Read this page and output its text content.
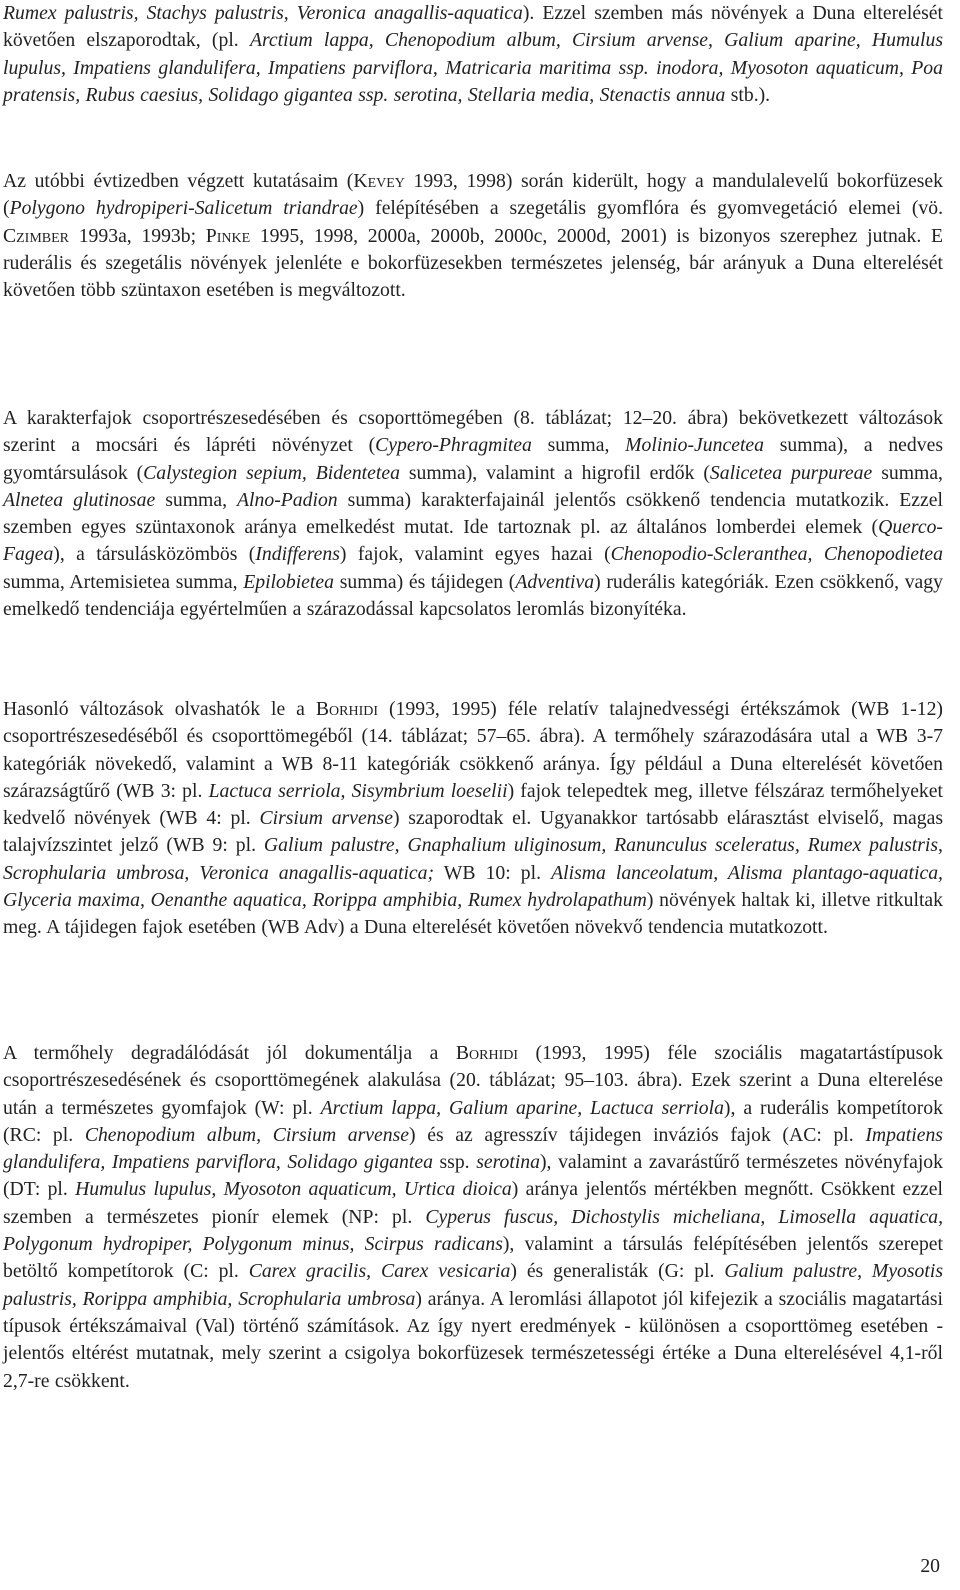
Rumex palustris, Stachys palustris, Veronica anagallis-aquatica). Ezzel szemben más növények a Duna elterelését követően elszaporodtak, (pl. Arctium lappa, Chenopodium album, Cirsium arvense, Galium aparine, Humulus lupulus, Impatiens glandulifera, Impatiens parviflora, Matricaria maritima ssp. inodora, Myosoton aquaticum, Poa pratensis, Rubus caesius, Solidago gigantea ssp. serotina, Stellaria media, Stenactis annua stb.).

Az utóbbi évtizedben végzett kutatásaim (Kevey 1993, 1998) során kiderült, hogy a mandulalevelű bokorfüzesek (Polygono hydropiperi-Salicetum triandrae) felépítésében a szegetális gyomflóra és gyomvegetáció elemei (vö. Czimber 1993a, 1993b; Pinke 1995, 1998, 2000a, 2000b, 2000c, 2000d, 2001) is bizonyos szerephez jutnak. E ruderális és szegetális növények jelenléte e bokorfüzesekben természetes jelenség, bár arányuk a Duna elterelését követően több szüntaxon esetében is megváltozott.

A karakterfajok csoportrészesedésében és csoporttömegében (8. táblázat; 12–20. ábra) bekövetkezett változások szerint a mocsári és lápréti növényzet (Cypero-Phragmitea summa, Molinio-Juncetea summa), a nedves gyomtársulások (Calystegion sepium, Bidentetea summa), valamint a higrofil erdők (Salicetea purpureae summa, Alnetea glutinosae summa, Alno-Padion summa) karakterfajainál jelentős csökkenő tendencia mutatkozik. Ezzel szemben egyes szüntaxonok aránya emelkedést mutat. Ide tartoznak pl. az általános lomberdei elemek (Querco-Fagea), a társulásközömbös (Indifferens) fajok, valamint egyes hazai (Chenopodio-Scleranthea, Chenopodietea summa, Artemisietea summa, Epilobietea summa) és tájidegen (Adventiva) ruderális kategóriák. Ezen csökkenő, vagy emelkedő tendenciája egyértelműen a szárazodással kapcsolatos leromlás bizonyítéka.

Hasonló változások olvashatók le a Borhidi (1993, 1995) féle relatív talajnedvességi értékszámok (WB 1-12) csoportrészesedéséből és csoporttömegéből (14. táblázat; 57–65. ábra). A termőhely szárazodására utal a WB 3-7 kategóriák növekedő, valamint a WB 8-11 kategóriák csökkenő aránya. Így például a Duna elterelését követően szárazságtűrő (WB 3: pl. Lactuca serriola, Sisymbrium loeselii) fajok telepedtek meg, illetve félszáraz termőhelyeket kedvelő növények (WB 4: pl. Cirsium arvense) szaporodtak el. Ugyanakkor tartósabb elárasztást elviselő, magas talajvízszintet jelző (WB 9: pl. Galium palustre, Gnaphalium uliginosum, Ranunculus sceleratus, Rumex palustris, Scrophularia umbrosa, Veronica anagallis-aquatica; WB 10: pl. Alisma lanceolatum, Alisma plantago-aquatica, Glyceria maxima, Oenanthe aquatica, Rorippa amphibia, Rumex hydrolapathum) növények haltak ki, illetve ritkultak meg. A tájidegen fajok esetében (WB Adv) a Duna elterelését követően növekvő tendencia mutatkozott.

A termőhely degradálódását jól dokumentálja a Borhidi (1993, 1995) féle szociális magatartástípusok csoportrészesedésének és csoporttömegének alakulása (20. táblázat; 95–103. ábra). Ezek szerint a Duna elterelése után a természetes gyomfajok (W: pl. Arctium lappa, Galium aparine, Lactuca serriola), a ruderális kompetítorok (RC: pl. Chenopodium album, Cirsium arvense) és az agresszív tájidegen inváziós fajok (AC: pl. Impatiens glandulifera, Impatiens parviflora, Solidago gigantea ssp. serotina), valamint a zavarástűrő természetes növényfajok (DT: pl. Humulus lupulus, Myosoton aquaticum, Urtica dioica) aránya jelentős mértékben megnőtt. Csökkent ezzel szemben a természetes pionír elemek (NP: pl. Cyperus fuscus, Dichostylis micheliana, Limosella aquatica, Polygonum hydropiper, Polygonum minus, Scirpus radicans), valamint a társulás felépítésében jelentős szerepet betöltő kompetítorok (C: pl. Carex gracilis, Carex vesicaria) és generalisták (G: pl. Galium palustre, Myosotis palustris, Rorippa amphibia, Scrophularia umbrosa) aránya. A leromlási állapotot jól kifejezik a szociális magatartási típusok értékszámaival (Val) történő számítások. Az így nyert eredmények - különösen a csoporttömeg esetében - jelentős eltérést mutatnak, mely szerint a csigolya bokorfüzesek természetességi értéke a Duna elterelésével 4,1-ről 2,7-re csökkent.

20
